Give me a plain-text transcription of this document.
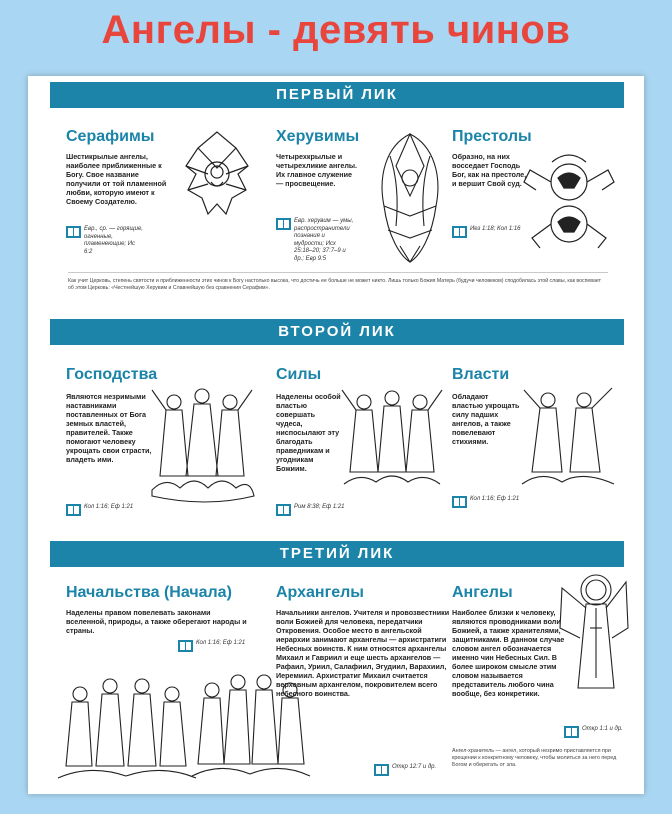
Ангелы - девять чинов
ПЕРВЫЙ ЛИК
Серафимы
Шестикрылые ангелы, наиболее приближенные к Богу. Свое название получили от той пламенной любви, которую имеют к Своему Создателю.
Евр., ср. — горящие, огненные, пламенеющие; Ис 6:2
Херувимы
Четырехкрылые и четырехликие ангелы. Их главное служение — просвещение.
Евр. херувим — умы, распространители познания и мудрости; Исх 25:18–20; 37:7–9 и др.; Евр 9:5
Престолы
Образно, на них восседает Господь Бог, как на престоле, и вершит Свой суд.
Иез 1:18; Кол 1:16
Как учит Церковь, степень святости и приближенности этих чинов к Богу настолько высока, что достичь ее больше не может никто. Лишь только Божия Матерь (будучи человеком) сподобилась этой славы, как воспевает об этом Церковь: «Честнейшую Херувим и Славнейшую без сравнения Серафим».
ВТОРОЙ ЛИК
Господства
Являются незримыми наставниками поставленных от Бога земных властей, правителей. Также помогают человеку укрощать свои страсти, владеть ими.
Кол 1:16; Еф 1:21
Силы
Наделены особой властью совершать чудеса, ниспосылают эту благодать праведникам и угодникам Божиим.
Рим 8:38; Еф 1:21
Власти
Обладают властью укрощать силу падших ангелов, а также повелевают стихиями.
Кол 1:16; Еф 1:21
ТРЕТИЙ ЛИК
Начальства (Начала)
Наделены правом повелевать законами вселенной, природы, а также оберегают народы и страны.
Кол 1:16; Еф 1:21
Архангелы
Начальники ангелов. Учителя и провозвестники воли Божией для человека, передатчики Откровения. Особое место в ангельской иерархии занимают архангелы — архистратиги Небесных воинств. К ним относятся архангелы Михаил и Гавриил и еще шесть архангелов — Рафаил, Уриил, Салафиил, Эгудиил, Варахиил, Иеремиил. Архистратиг Михаил считается верховным архангелом, покровителем всего небесного воинства.
Откр 12:7 и др.
Ангелы
Наиболее близки к человеку, являются проводниками воли Божией, а также хранителями, защитниками. В данном случае словом ангел обозначается именно чин Небесных Сил. В более широком смысле этим словом называется представитель любого чина вообще, без конкретики.
Откр 1:1 и др.
Ангел-хранитель — ангел, который незримо приставляется при крещении к конкретному человеку, чтобы молиться за него перед Богом и оберегать от зла.
